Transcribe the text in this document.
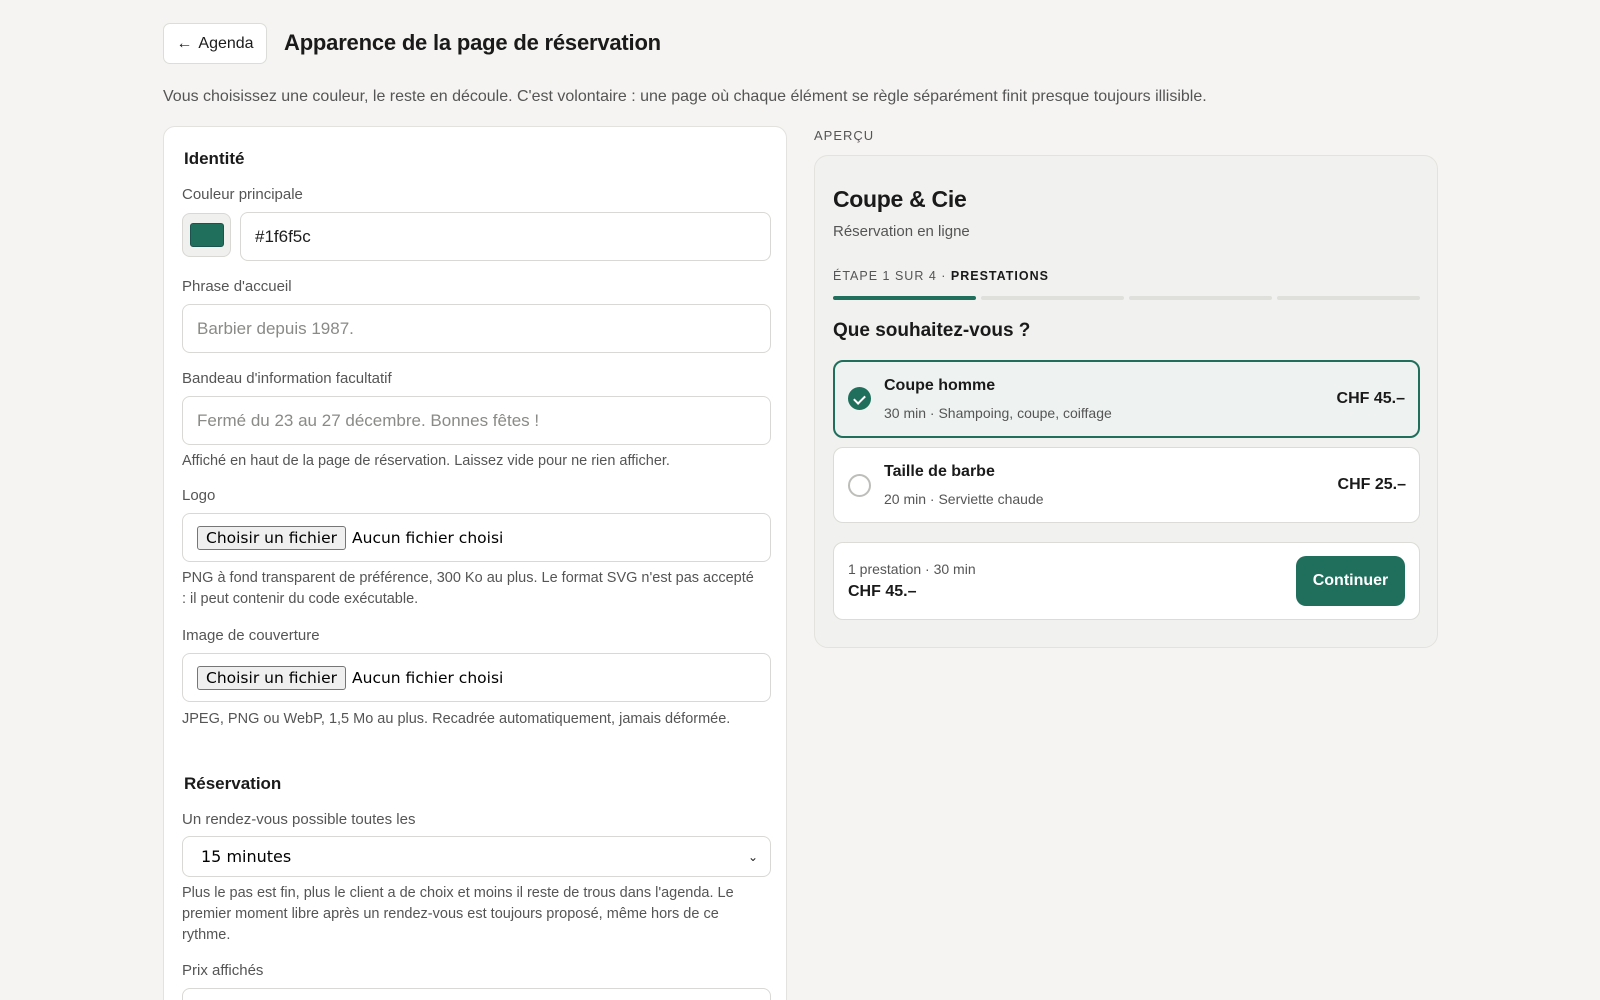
← Agenda Apparence de la page de réservation
Vous choisissez une couleur, le reste en découle. C'est volontaire : une page où chaque élément se règle séparément finit presque toujours illisible.
Identité
Couleur principale
#1f6f5c
Phrase d'accueil
Barbier depuis 1987.
Bandeau d'information facultatif
Fermé du 23 au 27 décembre. Bonnes fêtes !
Affiché en haut de la page de réservation. Laissez vide pour ne rien afficher.
Logo
Choisir un fichier Aucun fichier choisi
PNG à fond transparent de préférence, 300 Ko au plus. Le format SVG n'est pas accepté
: il peut contenir du code exécutable.
Image de couverture
Choisir un fichier Aucun fichier choisi
JPEG, PNG ou WebP, 1,5 Mo au plus. Recadrée automatiquement, jamais déformée.
Réservation
Un rendez-vous possible toutes les
15 minutes	⌄
Plus le pas est fin, plus le client a de choix et moins il reste de trous dans l'agenda. Le
premier moment libre après un rendez-vous est toujours proposé, même hors de ce
rythme.
Prix affichés
APERÇU
Coupe & Cie
Réservation en ligne
ÉTAPE 1 SUR 4 · PRESTATIONS
Que souhaitez-vous ?
Coupe homme
30 min · Shampoing, coupe, coiffage
CHF 45.–
Taille de barbe
20 min · Serviette chaude
CHF 25.–
1 prestation · 30 min
CHF 45.–
Continuer
